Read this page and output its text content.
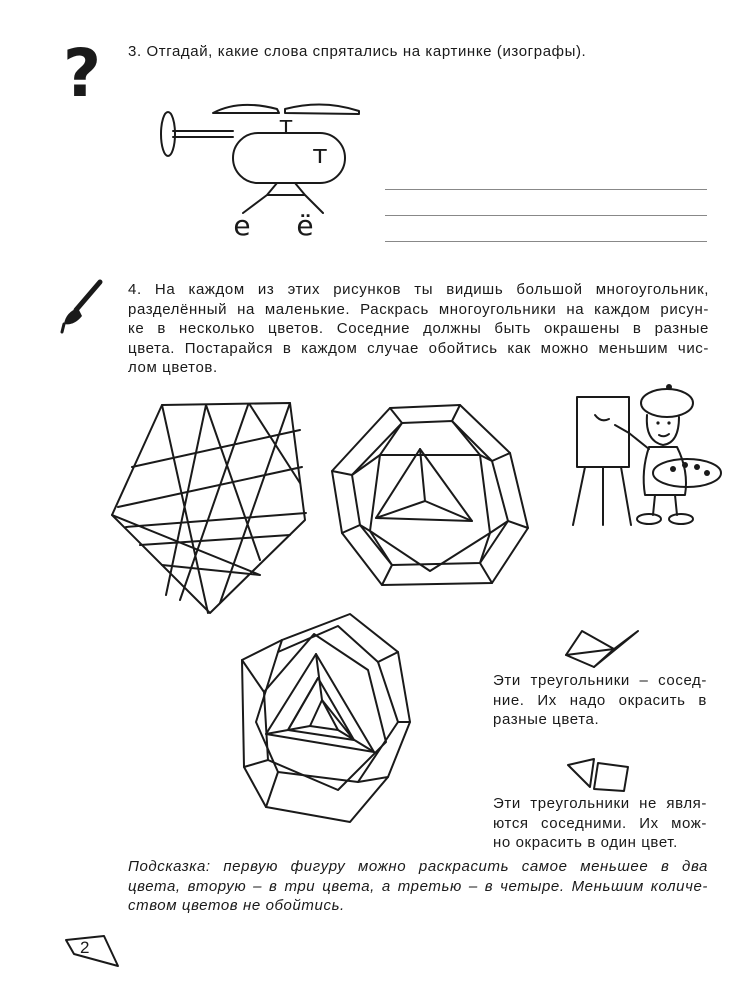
? 3. Отгадай, какие слова спрятались на картинке (изографы).
т
т
е ё
4. На каждом из этих рисунков ты видишь большой многоугольник,
разделённый на маленькие. Раскрась многоугольники на каждом рисун-
ке в несколько цветов. Соседние должны быть окрашены в разные
цвета. Постарайся в каждом случае обойтись как можно меньшим чис-
лом цветов.
Эти треугольники – сосед-
ние. Их надо окрасить в
разные цвета.
Эти треугольники не явля-
ются соседними. Их мож-
но окрасить в один цвет.
Подсказка: первую фигуру можно раскрасить самое меньшее в два
цвета, вторую – в три цвета, а третью – в четыре. Меньшим количе-
ством цветов не обойтись.
2
